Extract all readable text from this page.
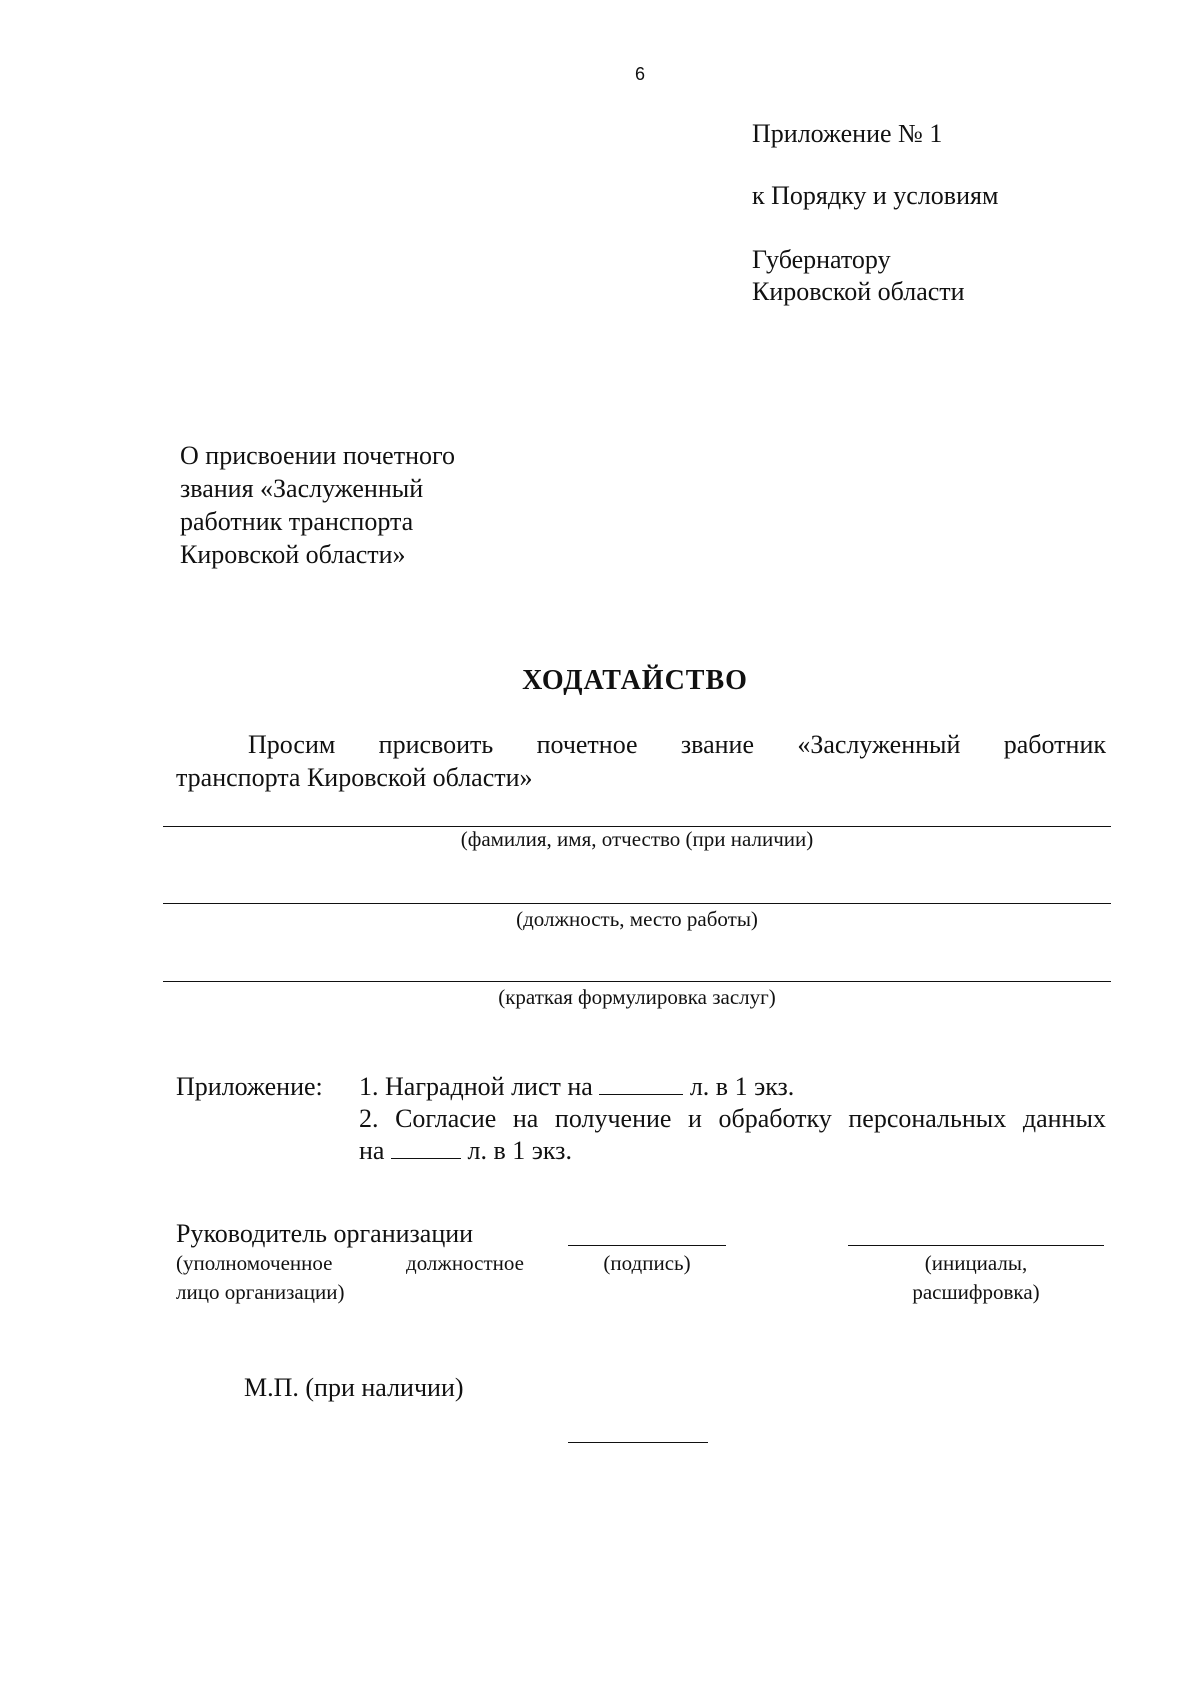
6
Приложение № 1
к Порядку и условиям
Губернатору
Кировской области
О присвоении почетного
звания «Заслуженный
работник транспорта
Кировской области»
ХОДАТАЙСТВО
Просим присвоить почетное звание «Заслуженный работник
транспорта Кировской области»
(фамилия, имя, отчество (при наличии)
(должность, место работы)
(краткая формулировка заслуг)
Приложение: 1. Наградной лист на	л. в 1 экз.
2. Согласие на получение и обработку персональных данных
на	л. в 1 экз.
Руководитель организации
(уполномоченное	должностное
лицо организации)
(подпись)	(инициалы,
расшифровка)
М.П. (при наличии)
